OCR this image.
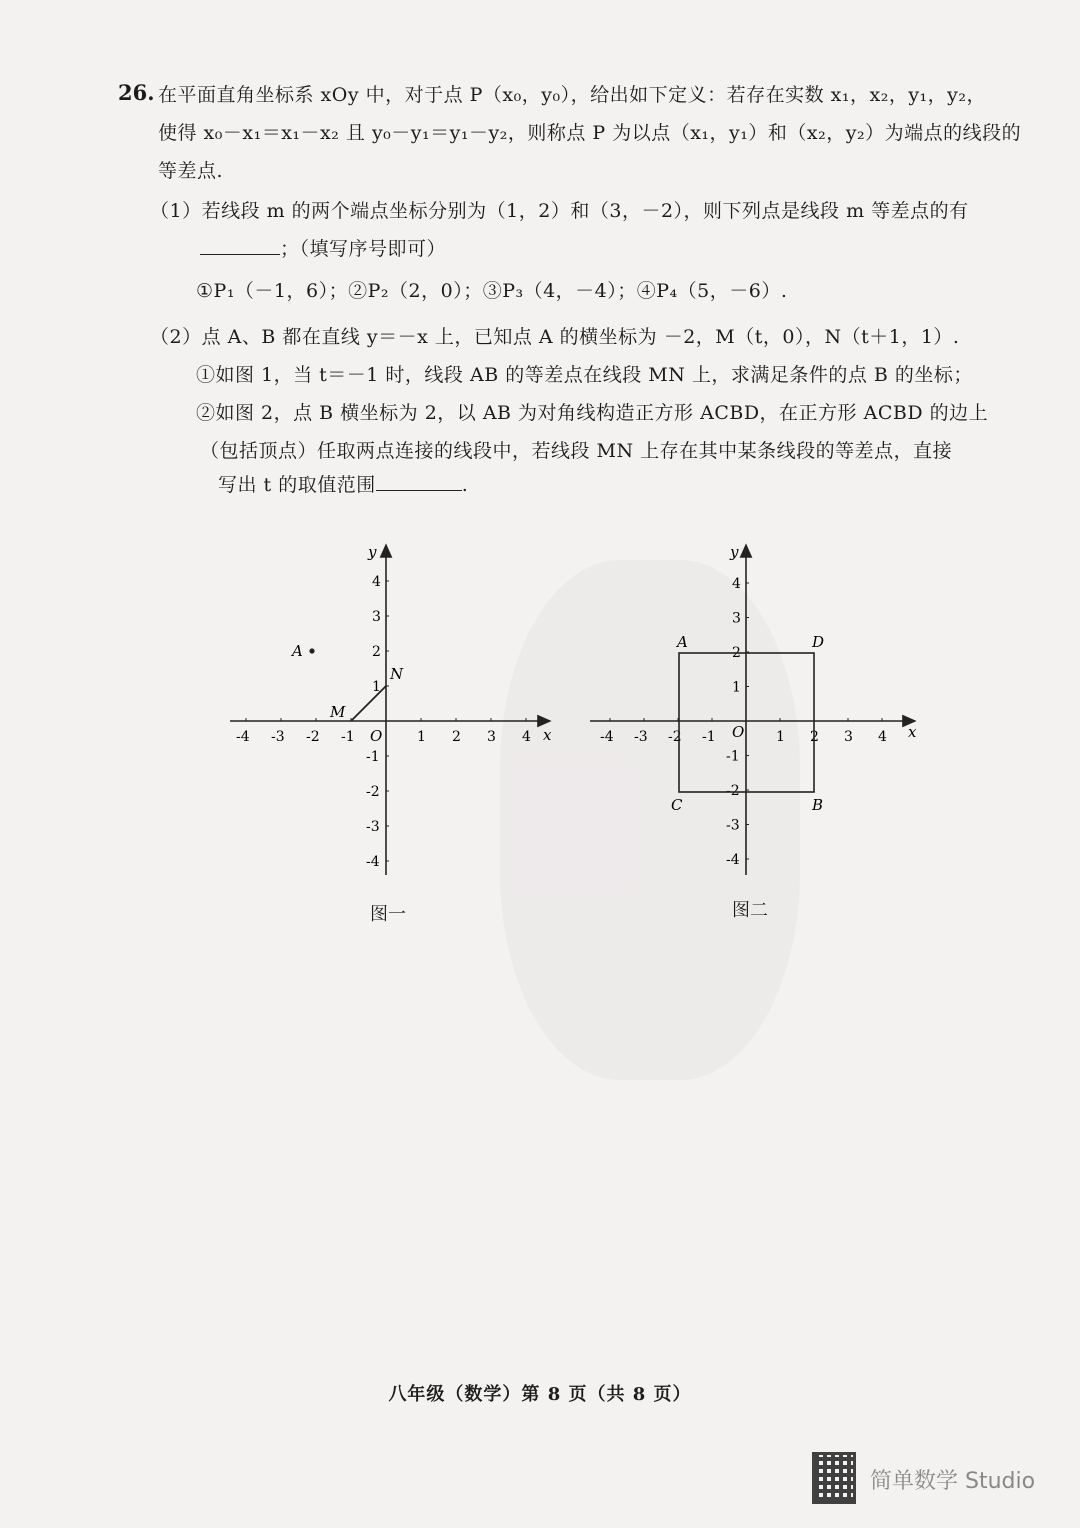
26. 在平面直角坐标系 xOy 中，对于点 P（x₀，y₀），给出如下定义：若存在实数 x₁，x₂，y₁，y₂，
使得 x₀－x₁＝x₁－x₂ 且 y₀－y₁＝y₁－y₂，则称点 P 为以点（x₁，y₁）和（x₂，y₂）为端点的线段的
等差点.
（1）若线段 m 的两个端点坐标分别为（1，2）和（3，－2），则下列点是线段 m 等差点的有
；（填写序号即可）
①P₁（－1，6）；②P₂（2，0）；③P₃（4，－4）；④P₄（5，－6）.
（2）点 A、B 都在直线 y＝－x 上，已知点 A 的横坐标为 －2，M（t，0），N（t＋1，1）.
①如图 1，当 t＝－1 时，线段 AB 的等差点在线段 MN 上，求满足条件的点 B 的坐标；
②如图 2，点 B 横坐标为 2，以 AB 为对角线构造正方形 ACBD，在正方形 ACBD 的边上
（包括顶点）任取两点连接的线段中，若线段 MN 上存在其中某条线段的等差点，直接
写出 t 的取值范围	.
x
y
O
-4 -3 -2 -1	1 2 3 4
4
3
2
1
-1
-2
-3
-4
A
M
N
图一
x
y
O
-4 -3 -2 -1	1 2 3 4
4
3
2
1
-1
-2
-3
-4
A	D
C	B
图二
八年级（数学）第 8 页（共 8 页）
简单数学 Studio
